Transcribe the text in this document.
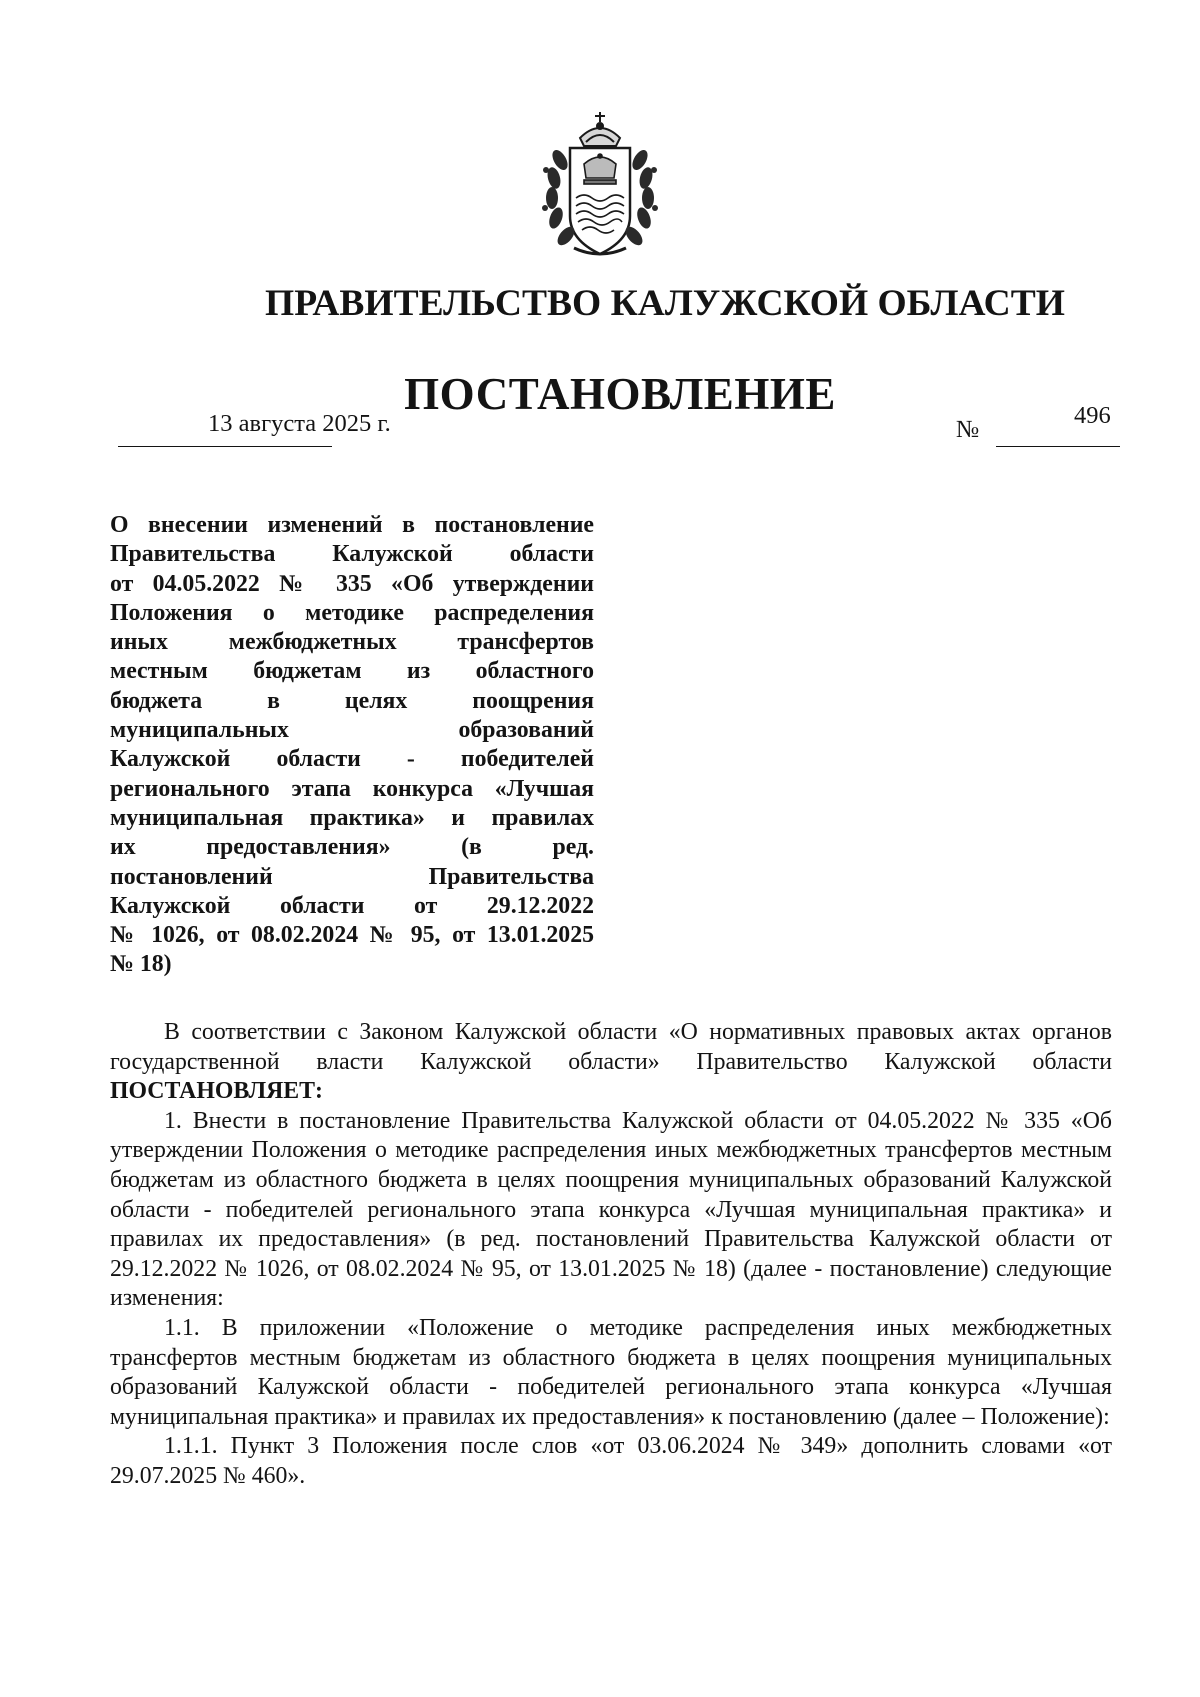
ПРАВИТЕЛЬСТВО КАЛУЖСКОЙ ОБЛАСТИ
ПОСТАНОВЛЕНИЕ
13 августа 2025 г.	№
496
О внесении изменений в постановление
Правительства Калужской области
от 04.05.2022 № 335 «Об утверждении
Положения о методике распределения
иных межбюджетных трансфертов
местным бюджетам из областного
бюджета в целях поощрения
муниципальных образований
Калужской области - победителей
регионального этапа конкурса «Лучшая
муниципальная практика» и правилах
их предоставления» (в ред.
постановлений Правительства
Калужской области от 29.12.2022
№ 1026, от 08.02.2024 № 95, от 13.01.2025
№ 18)

В соответствии с Законом Калужской области «О нормативных правовых актах органов государственной власти Калужской области» Правительство Калужской области ПОСТАНОВЛЯЕТ:

1. Внести в постановление Правительства Калужской области от 04.05.2022 № 335 «Об утверждении Положения о методике распределения иных межбюджетных трансфертов местным бюджетам из областного бюджета в целях поощрения муниципальных образований Калужской области - победителей регионального этапа конкурса «Лучшая муниципальная практика» и правилах их предоставления» (в ред. постановлений Правительства Калужской области от 29.12.2022 № 1026, от 08.02.2024 № 95, от 13.01.2025 № 18) (далее - постановление) следующие изменения:

1.1. В приложении «Положение о методике распределения иных межбюджетных трансфертов местным бюджетам из областного бюджета в целях поощрения муниципальных образований Калужской области - победителей регионального этапа конкурса «Лучшая муниципальная практика» и правилах их предоставления» к постановлению (далее – Положение):

1.1.1. Пункт 3 Положения после слов «от 03.06.2024 № 349» дополнить словами «от 29.07.2025 № 460».
